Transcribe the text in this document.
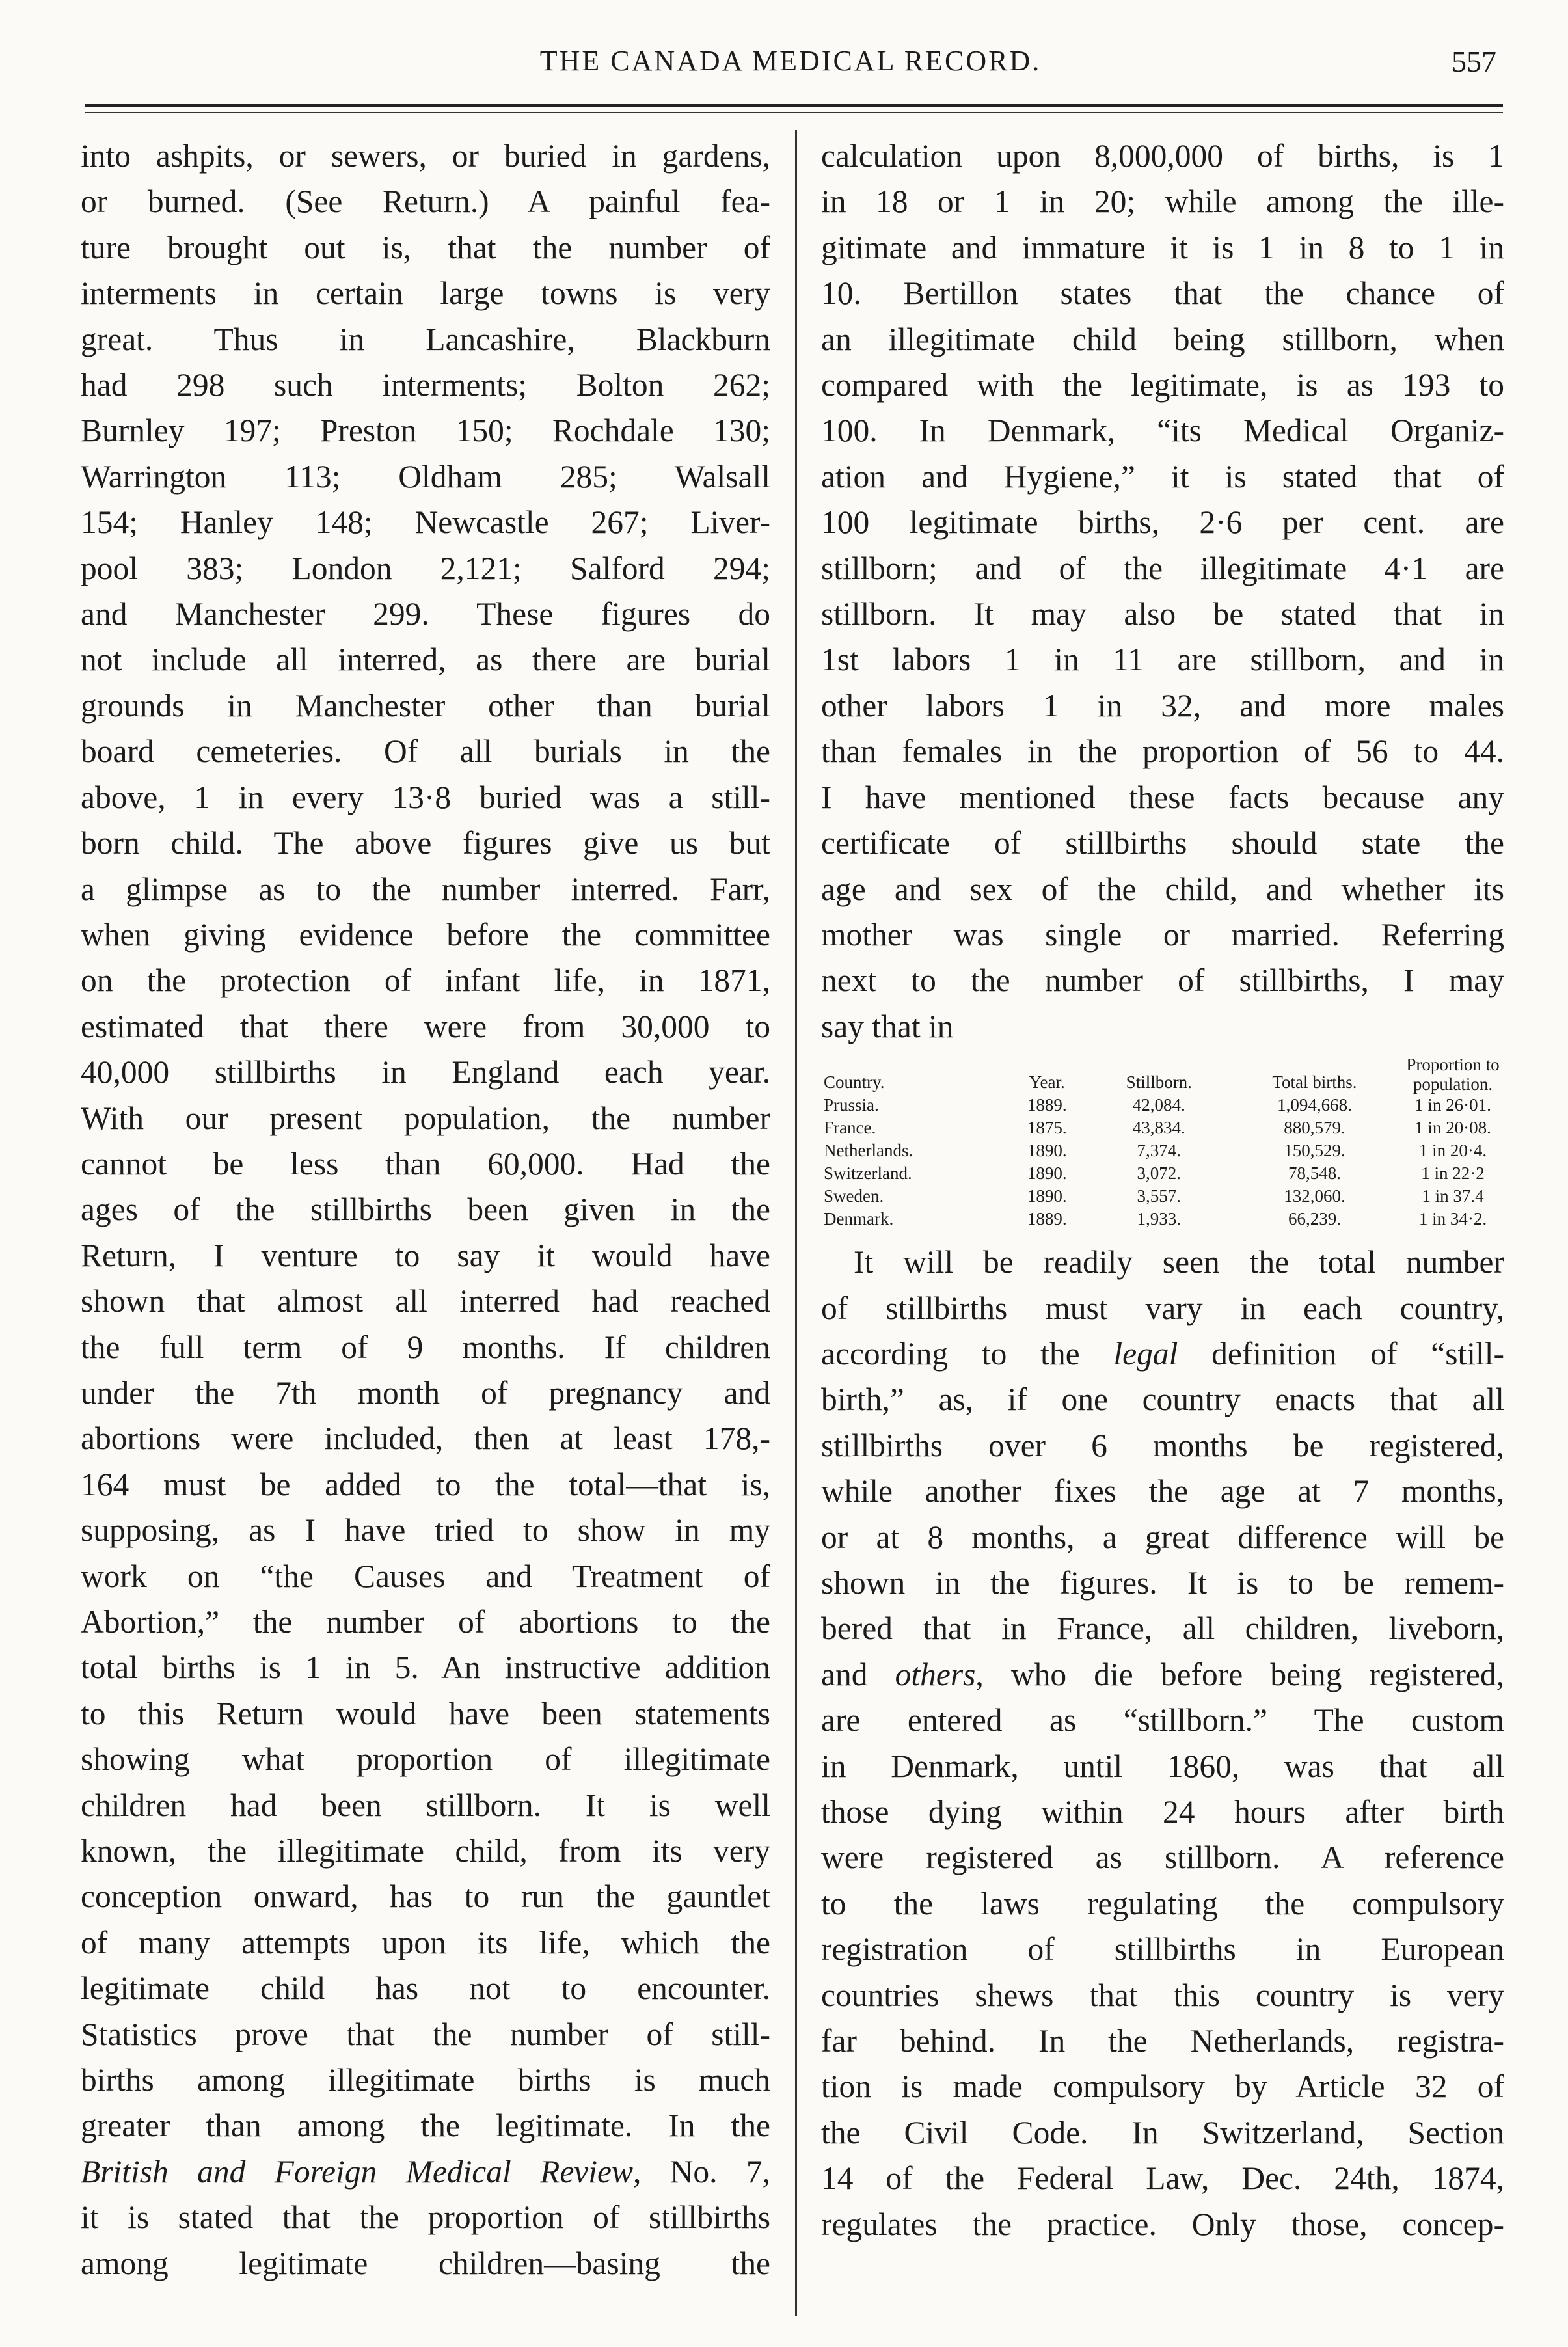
THE CANADA MEDICAL RECORD.	557
into ashpits, or sewers, or buried in gardens,
or burned. (See Return.) A painful fea-
ture brought out is, that the number of
interments in certain large towns is very
great. Thus in Lancashire, Blackburn
had 298 such interments; Bolton 262;
Burnley 197; Preston 150; Rochdale 130;
Warrington 113; Oldham 285; Walsall
154; Hanley 148; Newcastle 267; Liver-
pool 383; London 2,121; Salford 294;
and Manchester 299. These figures do
not include all interred, as there are burial
grounds in Manchester other than burial
board cemeteries. Of all burials in the
above, 1 in every 13·8 buried was a still-
born child. The above figures give us but
a glimpse as to the number interred. Farr,
when giving evidence before the committee
on the protection of infant life, in 1871,
estimated that there were from 30,000 to
40,000 stillbirths in England each year.
With our present population, the number
cannot be less than 60,000. Had the
ages of the stillbirths been given in the
Return, I venture to say it would have
shown that almost all interred had reached
the full term of 9 months. If children
under the 7th month of pregnancy and
abortions were included, then at least 178,-
164 must be added to the total—that is,
supposing, as I have tried to show in my
work on “the Causes and Treatment of
Abortion,” the number of abortions to the
total births is 1 in 5. An instructive addition
to this Return would have been statements
showing what proportion of illegitimate
children had been stillborn. It is well
known, the illegitimate child, from its very
conception onward, has to run the gauntlet
of many attempts upon its life, which the
legitimate child has not to encounter.
Statistics prove that the number of still-
births among illegitimate births is much
greater than among the legitimate. In the
British and Foreign Medical Review, No. 7,
it is stated that the proportion of stillbirths
among legitimate children—basing the
calculation upon 8,000,000 of births, is 1
in 18 or 1 in 20; while among the ille-
gitimate and immature it is 1 in 8 to 1 in
10. Bertillon states that the chance of
an illegitimate child being stillborn, when
compared with the legitimate, is as 193 to
100. In Denmark, “its Medical Organiz-
ation and Hygiene,” it is stated that of
100 legitimate births, 2·6 per cent. are
stillborn; and of the illegitimate 4·1 are
stillborn. It may also be stated that in
1st labors 1 in 11 are stillborn, and in
other labors 1 in 32, and more males
than females in the proportion of 56 to 44.
I have mentioned these facts because any
certificate of stillbirths should state the
age and sex of the child, and whether its
mother was single or married. Referring
next to the number of stillbirths, I may
say that in
Country.	Year.	Stillborn.	Total births.	Proportion to population.
Prussia.	1889.	42,084.	1,094,668.	1 in 26·01.
France.	1875.	43,834.	880,579.	1 in 20·08.
Netherlands.	1890.	7,374.	150,529.	1 in 20·4.
Switzerland.	1890.	3,072.	78,548.	1 in 22·2
Sweden.	1890.	3,557.	132,060.	1 in 37.4
Denmark.	1889.	1,933.	66,239.	1 in 34·2.
It will be readily seen the total number
of stillbirths must vary in each country,
according to the legal definition of “still-
birth,” as, if one country enacts that all
stillbirths over 6 months be registered,
while another fixes the age at 7 months,
or at 8 months, a great difference will be
shown in the figures. It is to be remem-
bered that in France, all children, liveborn,
and others, who die before being registered,
are entered as “stillborn.” The custom
in Denmark, until 1860, was that all
those dying within 24 hours after birth
were registered as stillborn. A reference
to the laws regulating the compulsory
registration of stillbirths in European
countries shews that this country is very
far behind. In the Netherlands, registra-
tion is made compulsory by Article 32 of
the Civil Code. In Switzerland, Section
14 of the Federal Law, Dec. 24th, 1874,
regulates the practice. Only those, concep-
